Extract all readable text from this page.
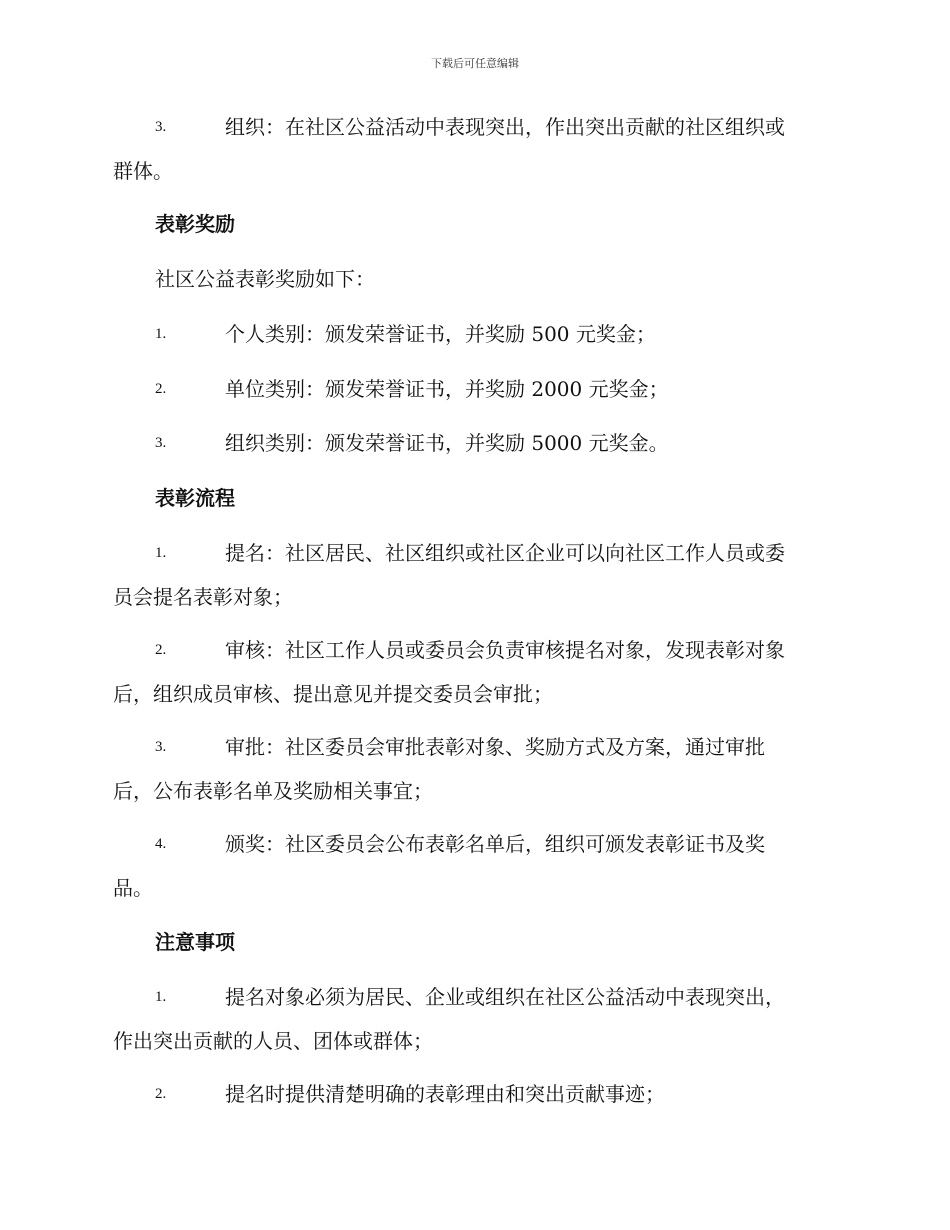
下载后可任意编辑
3.	组织：在社区公益活动中表现突出，作出突出贡献的社区组织或
群体。
表彰奖励
社区公益表彰奖励如下：
1.	个人类别：颁发荣誉证书，并奖励 500 元奖金；
2.	单位类别：颁发荣誉证书，并奖励 2000 元奖金；
3.	组织类别：颁发荣誉证书，并奖励 5000 元奖金。
表彰流程
1.	提名：社区居民、社区组织或社区企业可以向社区工作人员或委
员会提名表彰对象；
2.	审核：社区工作人员或委员会负责审核提名对象，发现表彰对象
后，组织成员审核、提出意见并提交委员会审批；
3.	审批：社区委员会审批表彰对象、奖励方式及方案，通过审批
后，公布表彰名单及奖励相关事宜；
4.	颁奖：社区委员会公布表彰名单后，组织可颁发表彰证书及奖
品。
注意事项
1.	提名对象必须为居民、企业或组织在社区公益活动中表现突出，
作出突出贡献的人员、团体或群体；
2.	提名时提供清楚明确的表彰理由和突出贡献事迹；
